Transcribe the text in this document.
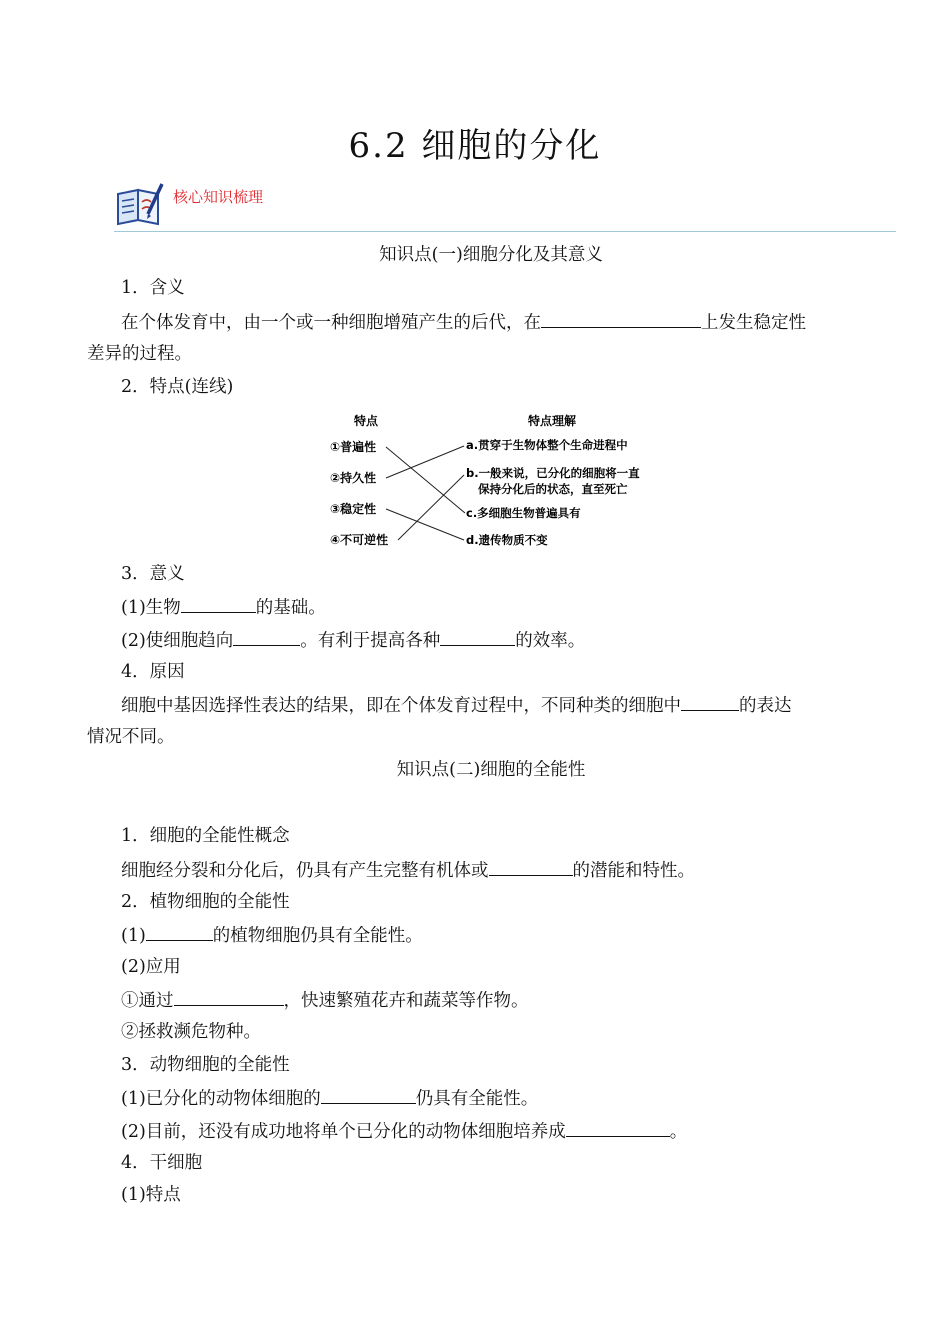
6.2 细胞的分化
核心知识梳理
知识点(一)细胞分化及其意义
1．含义
在个体发育中，由一个或一种细胞增殖产生的后代，在	上发生稳定性
差异的过程。
2．特点(连线)
特点	特点理解
①普遍性
②持久性
③稳定性
④不可逆性
a.贯穿于生物体整个生命进程中
b.一般来说，已分化的细胞将一直
保持分化后的状态，直至死亡
c.多细胞生物普遍具有
d.遗传物质不变
3．意义
(1)生物	的基础。
(2)使细胞趋向	。有利于提高各种	的效率。
4．原因
细胞中基因选择性表达的结果，即在个体发育过程中，不同种类的细胞中	的表达
情况不同。
知识点(二)细胞的全能性
1．细胞的全能性概念
细胞经分裂和分化后，仍具有产生完整有机体或	的潜能和特性。
2．植物细胞的全能性
(1)	的植物细胞仍具有全能性。
(2)应用
①通过	，快速繁殖花卉和蔬菜等作物。
②拯救濒危物种。
3．动物细胞的全能性
(1)已分化的动物体细胞的	仍具有全能性。
(2)目前，还没有成功地将单个已分化的动物体细胞培养成	。
4．干细胞
(1)特点
